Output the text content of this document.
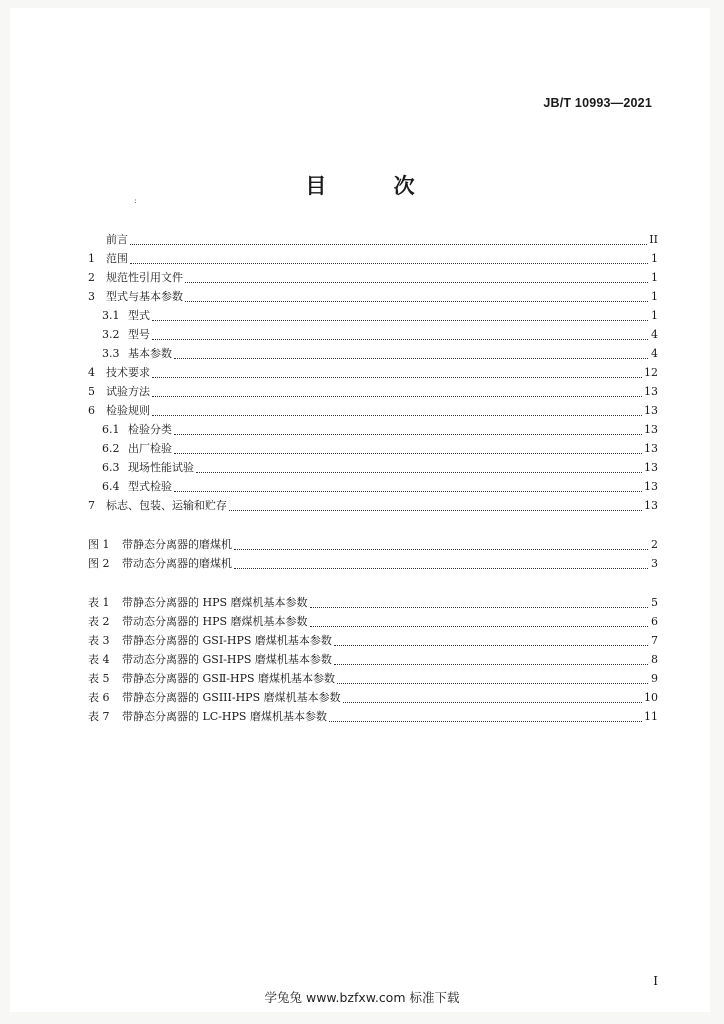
JB/T 10993—2021
目 次
:
前言	II
1 范围	1
2 规范性引用文件	1
3 型式与基本参数	1
3.1 型式	1
3.2 型号	4
3.3 基本参数	4
4 技术要求	12
5 试验方法	13
6 检验规则	13
6.1 检验分类	13
6.2 出厂检验	13
6.3 现场性能试验	13
6.4 型式检验	13
7 标志、包装、运输和贮存	13
图 1 带静态分离器的磨煤机	2
图 2 带动态分离器的磨煤机	3
表 1 带静态分离器的 HPS 磨煤机基本参数	5
表 2 带动态分离器的 HPS 磨煤机基本参数	6
表 3 带静态分离器的 GSⅠ-HPS 磨煤机基本参数	7
表 4 带动态分离器的 GSⅠ-HPS 磨煤机基本参数	8
表 5 带静态分离器的 GSⅡ-HPS 磨煤机基本参数	9
表 6 带静态分离器的 GSIII-HPS 磨煤机基本参数	10
表 7 带静态分离器的 LC-HPS 磨煤机基本参数	11
I
学兔兔 www.bzfxw.com 标准下载
